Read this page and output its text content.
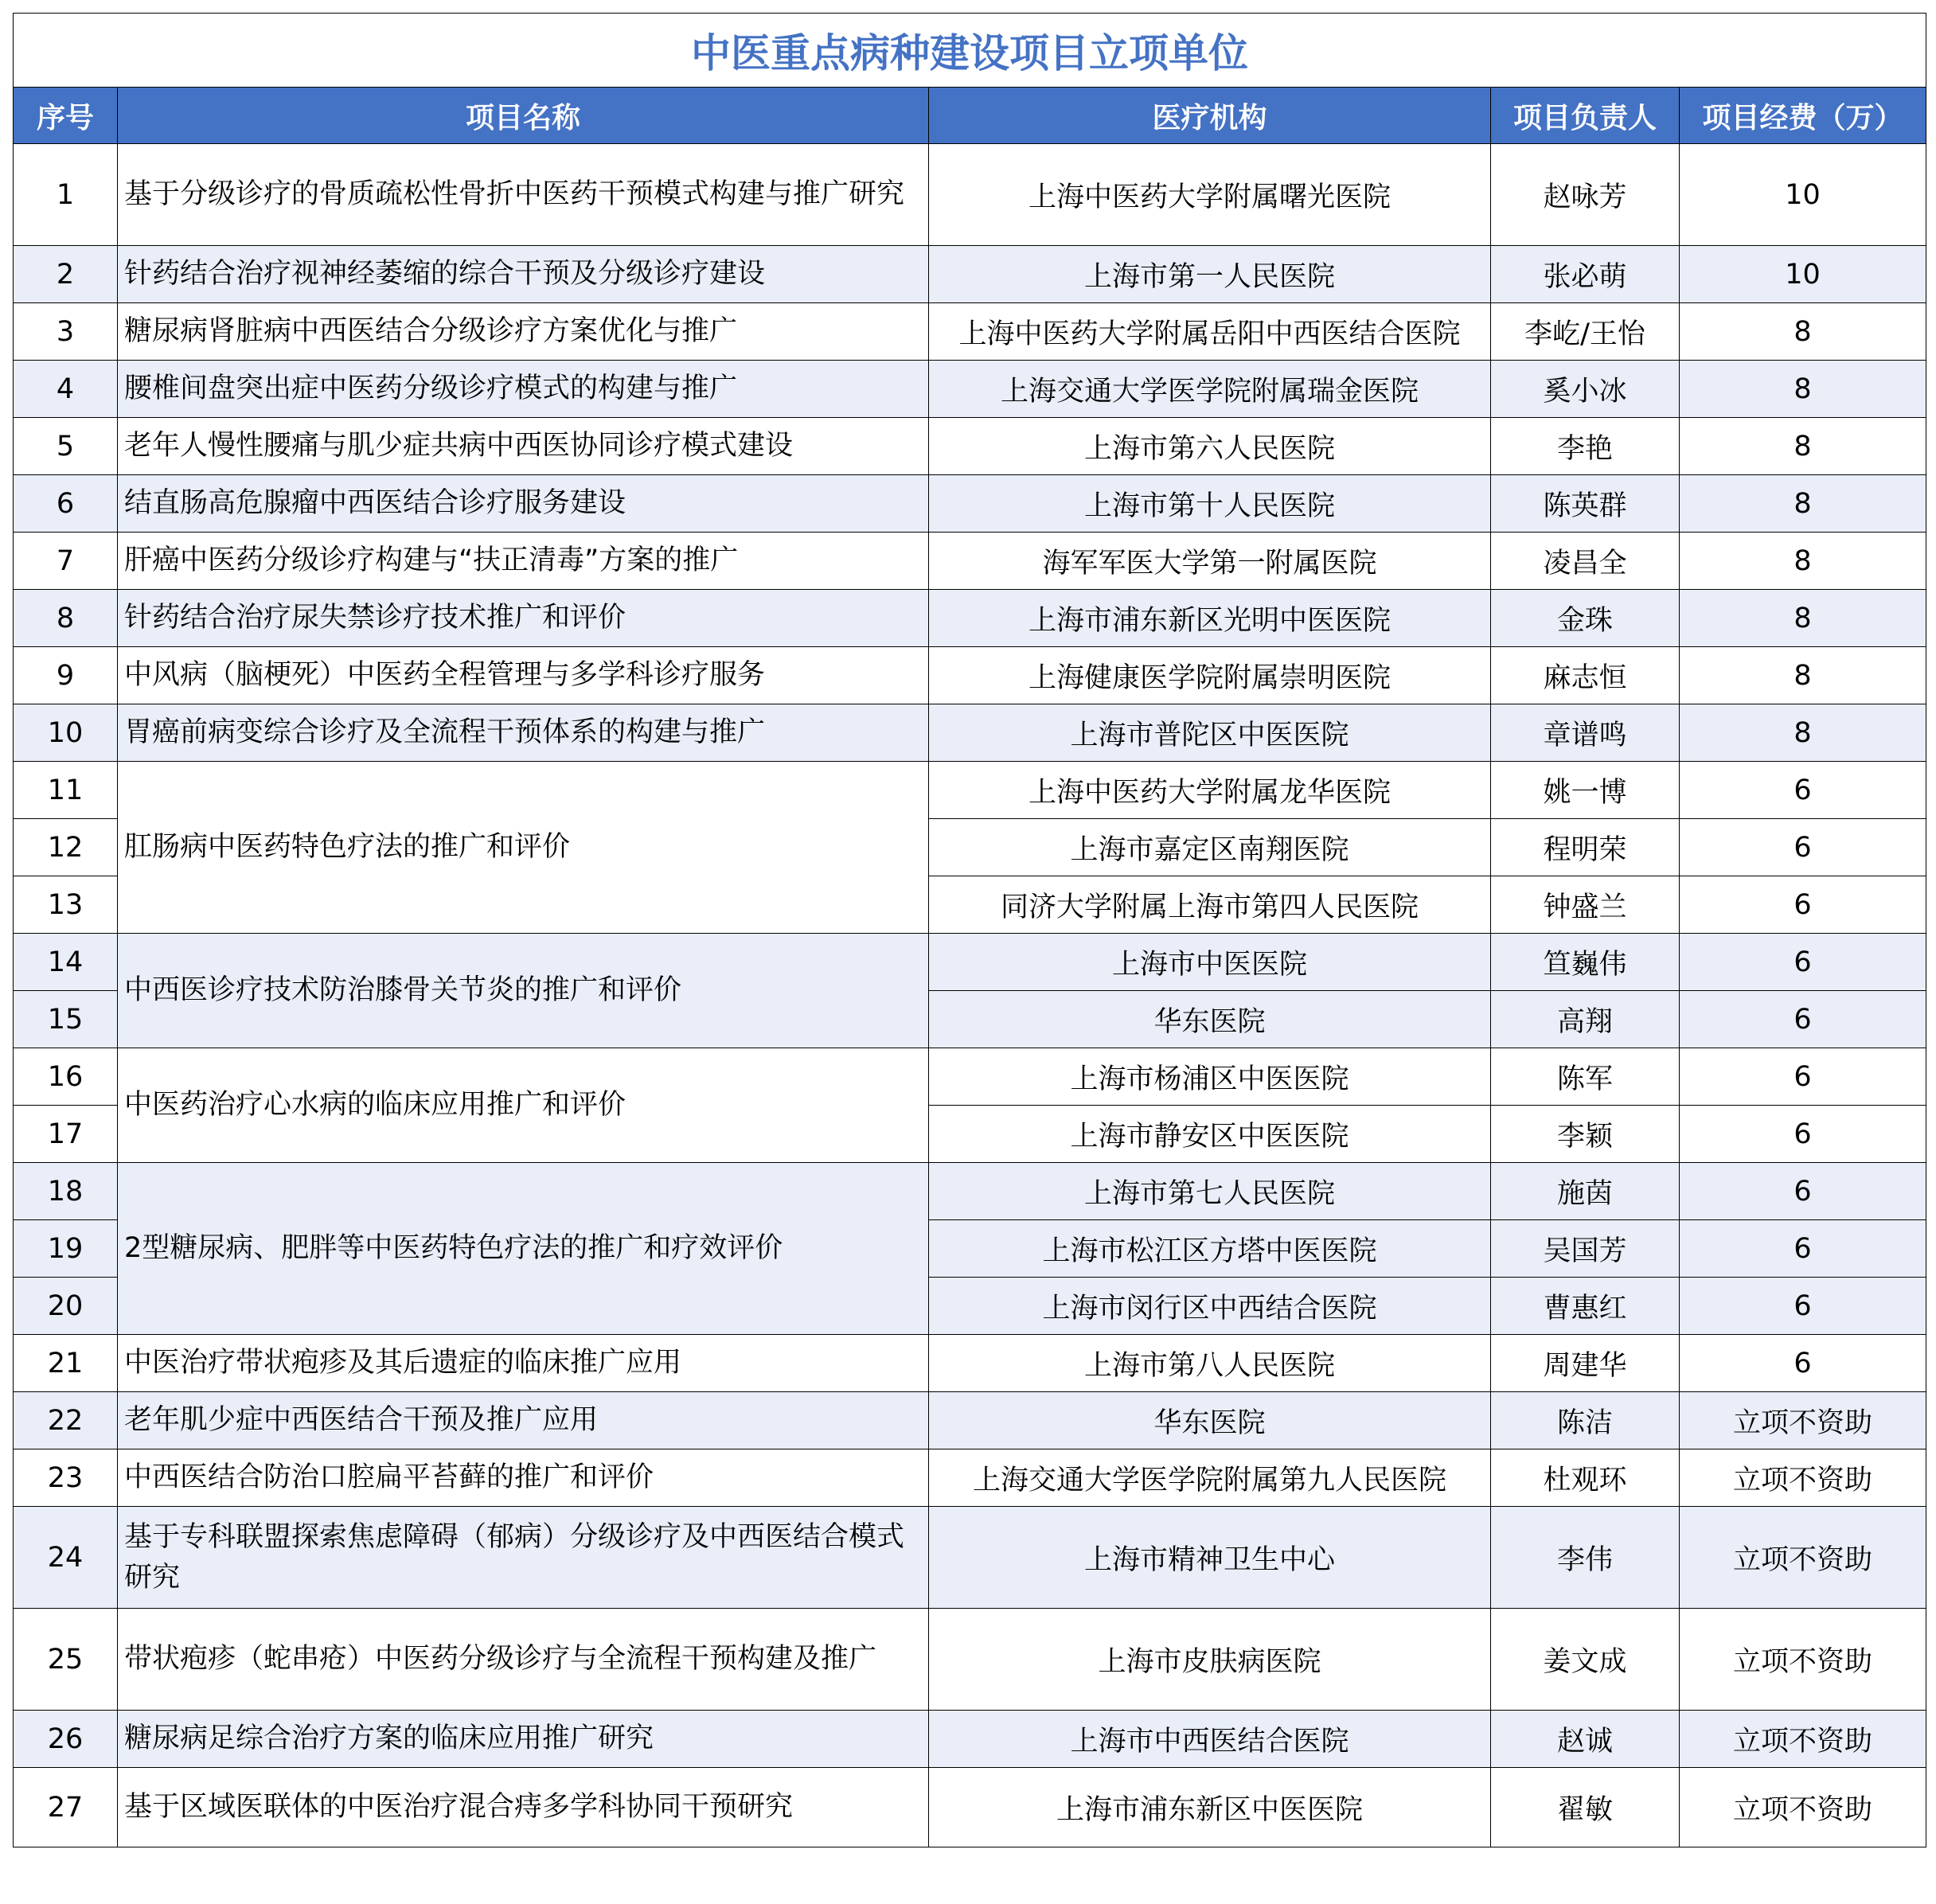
中医重点病种建设项目立项单位				
序号	项目名称	医疗机构	项目负责人	项目经费（万）
1	基于分级诊疗的骨质疏松性骨折中医药干预模式构建与推广研究	上海中医药大学附属曙光医院	赵咏芳	10
2	针药结合治疗视神经萎缩的综合干预及分级诊疗建设	上海市第一人民医院	张必萌	10
3	糖尿病肾脏病中西医结合分级诊疗方案优化与推广	上海中医药大学附属岳阳中西医结合医院	李屹/王怡	8
4	腰椎间盘突出症中医药分级诊疗模式的构建与推广	上海交通大学医学院附属瑞金医院	奚小冰	8
5	老年人慢性腰痛与肌少症共病中西医协同诊疗模式建设	上海市第六人民医院	李艳	8
6	结直肠高危腺瘤中西医结合诊疗服务建设	上海市第十人民医院	陈英群	8
7	肝癌中医药分级诊疗构建与“扶正清毒”方案的推广	海军军医大学第一附属医院	凌昌全	8
8	针药结合治疗尿失禁诊疗技术推广和评价	上海市浦东新区光明中医医院	金珠	8
9	中风病（脑梗死）中医药全程管理与多学科诊疗服务	上海健康医学院附属崇明医院	麻志恒	8
10	胃癌前病变综合诊疗及全流程干预体系的构建与推广	上海市普陀区中医医院	章谱鸣	8
11	肛肠病中医药特色疗法的推广和评价	上海中医药大学附属龙华医院	姚一博	6
12		上海市嘉定区南翔医院	程明荣	6
13		同济大学附属上海市第四人民医院	钟盛兰	6
14	中西医诊疗技术防治膝骨关节炎的推广和评价	上海市中医医院	笪巍伟	6
15		华东医院	高翔	6
16	中医药治疗心水病的临床应用推广和评价	上海市杨浦区中医医院	陈军	6
17		上海市静安区中医医院	李颖	6
18	2型糖尿病、肥胖等中医药特色疗法的推广和疗效评价	上海市第七人民医院	施茵	6
19		上海市松江区方塔中医医院	吴国芳	6
20		上海市闵行区中西结合医院	曹惠红	6
21	中医治疗带状疱疹及其后遗症的临床推广应用	上海市第八人民医院	周建华	6
22	老年肌少症中西医结合干预及推广应用	华东医院	陈洁	立项不资助
23	中西医结合防治口腔扁平苔藓的推广和评价	上海交通大学医学院附属第九人民医院	杜观环	立项不资助
24	基于专科联盟探索焦虑障碍（郁病）分级诊疗及中西医结合模式研究	上海市精神卫生中心	李伟	立项不资助
25	带状疱疹（蛇串疮）中医药分级诊疗与全流程干预构建及推广	上海市皮肤病医院	姜文成	立项不资助
26	糖尿病足综合治疗方案的临床应用推广研究	上海市中西医结合医院	赵诚	立项不资助
27	基于区域医联体的中医治疗混合痔多学科协同干预研究	上海市浦东新区中医医院	翟敏	立项不资助
